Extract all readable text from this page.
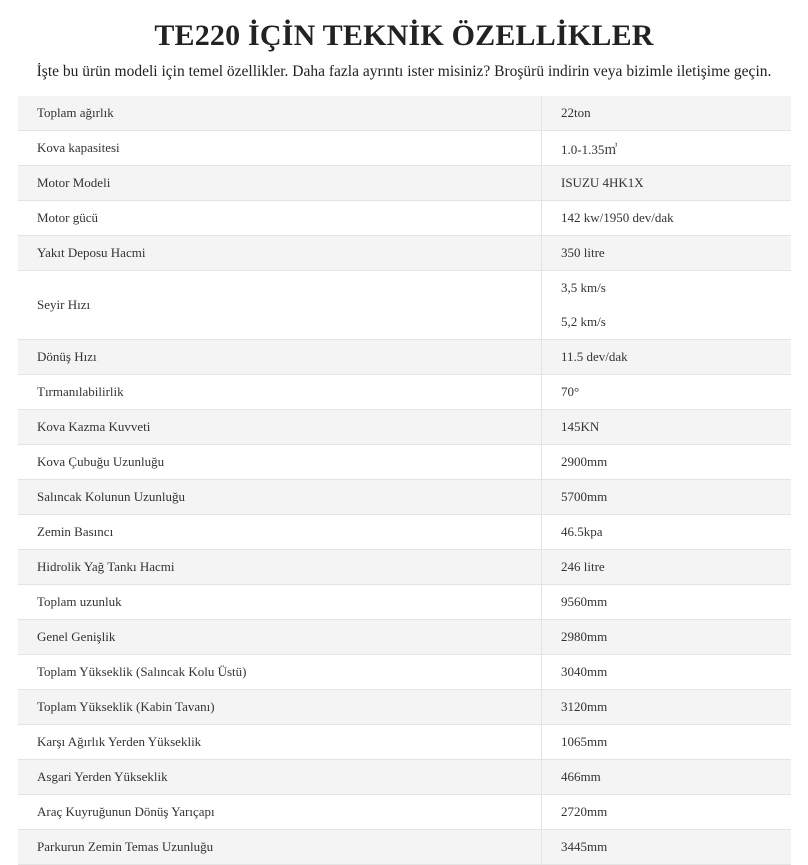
TE220 İÇİN TEKNİK ÖZELLİKLER

İşte bu ürün modeli için temel özellikler. Daha fazla ayrıntı ister misiniz? Broşürü indirin veya bizimle iletişime geçin.

Toplam ağırlık	22ton
Kova kapasitesi	1.0-1.35㎥
Motor Modeli	ISUZU 4HK1X
Motor gücü	142 kw/1950 dev/dak
Yakıt Deposu Hacmi	350 litre
Seyir Hızı	3,5 km/s
5,2 km/s

Dönüş Hızı	11.5 dev/dak
Tırmanılabilirlik	70°
Kova Kazma Kuvveti	145KN
Kova Çubuğu Uzunluğu	2900mm
Salıncak Kolunun Uzunluğu	5700mm
Zemin Basıncı	46.5kpa
Hidrolik Yağ Tankı Hacmi	246 litre
Toplam uzunluk	9560mm
Genel Genişlik	2980mm
Toplam Yükseklik (Salıncak Kolu Üstü)	3040mm
Toplam Yükseklik (Kabin Tavanı)	3120mm
Karşı Ağırlık Yerden Yükseklik	1065mm
Asgari Yerden Yükseklik	466mm
Araç Kuyruğunun Dönüş Yarıçapı	2720mm
Parkurun Zemin Temas Uzunluğu	3445mm
